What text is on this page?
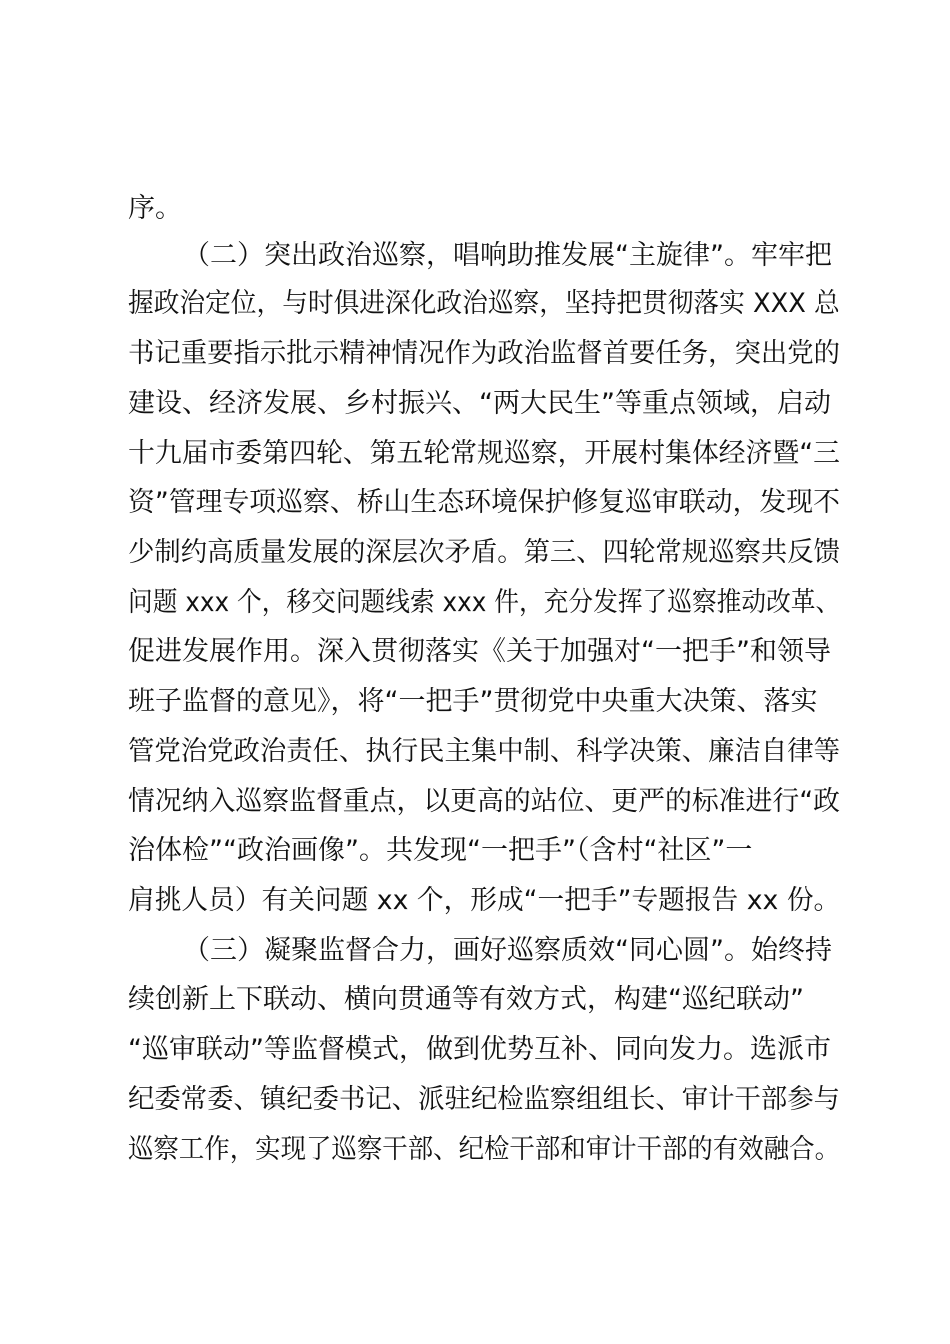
序。
（二）突出政治巡察，唱响助推发展“主旋律”。牢牢把
握政治定位，与时俱进深化政治巡察，坚持把贯彻落实 XXX 总
书记重要指示批示精神情况作为政治监督首要任务，突出党的
建设、经济发展、乡村振兴、“两大民生”等重点领域，启动
十九届市委第四轮、第五轮常规巡察，开展村集体经济暨“三
资”管理专项巡察、桥山生态环境保护修复巡审联动，发现不
少制约高质量发展的深层次矛盾。第三、四轮常规巡察共反馈
问题 xxx 个，移交问题线索 xxx 件，充分发挥了巡察推动改革、
促进发展作用。深入贯彻落实《关于加强对“一把手”和领导
班子监督的意见》，将“一把手”贯彻党中央重大决策、落实
管党治党政治责任、执行民主集中制、科学决策、廉洁自律等
情况纳入巡察监督重点，以更高的站位、更严的标准进行“政
治体检”“政治画像”。共发现“一把手”（含村“社区”一
肩挑人员）有关问题 xx 个，形成“一把手”专题报告 xx 份。
（三）凝聚监督合力，画好巡察质效“同心圆”。始终持
续创新上下联动、横向贯通等有效方式，构建“巡纪联动”
“巡审联动”等监督模式，做到优势互补、同向发力。选派市
纪委常委、镇纪委书记、派驻纪检监察组组长、审计干部参与
巡察工作，实现了巡察干部、纪检干部和审计干部的有效融合。
